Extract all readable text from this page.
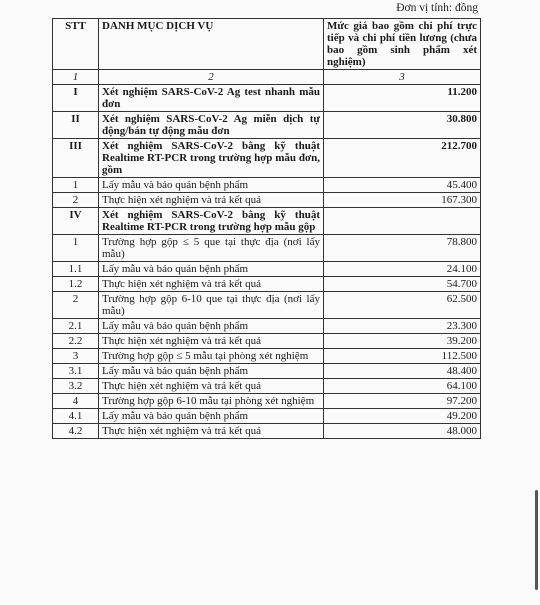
Đơn vị tính: đồng
STT	DANH MỤC DỊCH VỤ	Mức giá bao gồm chi phí trực tiếp và chi phí tiền lương (chưa bao gồm sinh phẩm xét nghiệm)
1	2	3
I	Xét nghiệm SARS-CoV-2 Ag test nhanh mẫu đơn	11.200
II	Xét nghiệm SARS-CoV-2 Ag miễn dịch tự động/bán tự động mẫu đơn	30.800
III	Xét nghiệm SARS-CoV-2 bằng kỹ thuật Realtime RT-PCR trong trường hợp mẫu đơn, gồm	212.700
1	Lấy mẫu và bảo quản bệnh phẩm	45.400
2	Thực hiện xét nghiệm và trả kết quả	167.300
IV	Xét nghiệm SARS-CoV-2 bằng kỹ thuật Realtime RT-PCR trong trường hợp mẫu gộp	
1	Trường hợp gộp ≤ 5 que tại thực địa (nơi lấy mẫu)	78.800
1.1	Lấy mẫu và bảo quản bệnh phẩm	24.100
1.2	Thực hiện xét nghiệm và trả kết quả	54.700
2	Trường hợp gộp 6-10 que tại thực địa (nơi lấy mẫu)	62.500
2.1	Lấy mẫu và bảo quản bệnh phẩm	23.300
2.2	Thực hiện xét nghiệm và trả kết quả	39.200
3	Trường hợp gộp ≤ 5 mẫu tại phòng xét nghiệm	112.500
3.1	Lấy mẫu và bảo quản bệnh phẩm	48.400
3.2	Thực hiện xét nghiệm và trả kết quả	64.100
4	Trường hợp gộp 6-10 mẫu tại phòng xét nghiệm	97.200
4.1	Lấy mẫu và bảo quản bệnh phẩm	49.200
4.2	Thực hiện xét nghiệm và trả kết quả	48.000
